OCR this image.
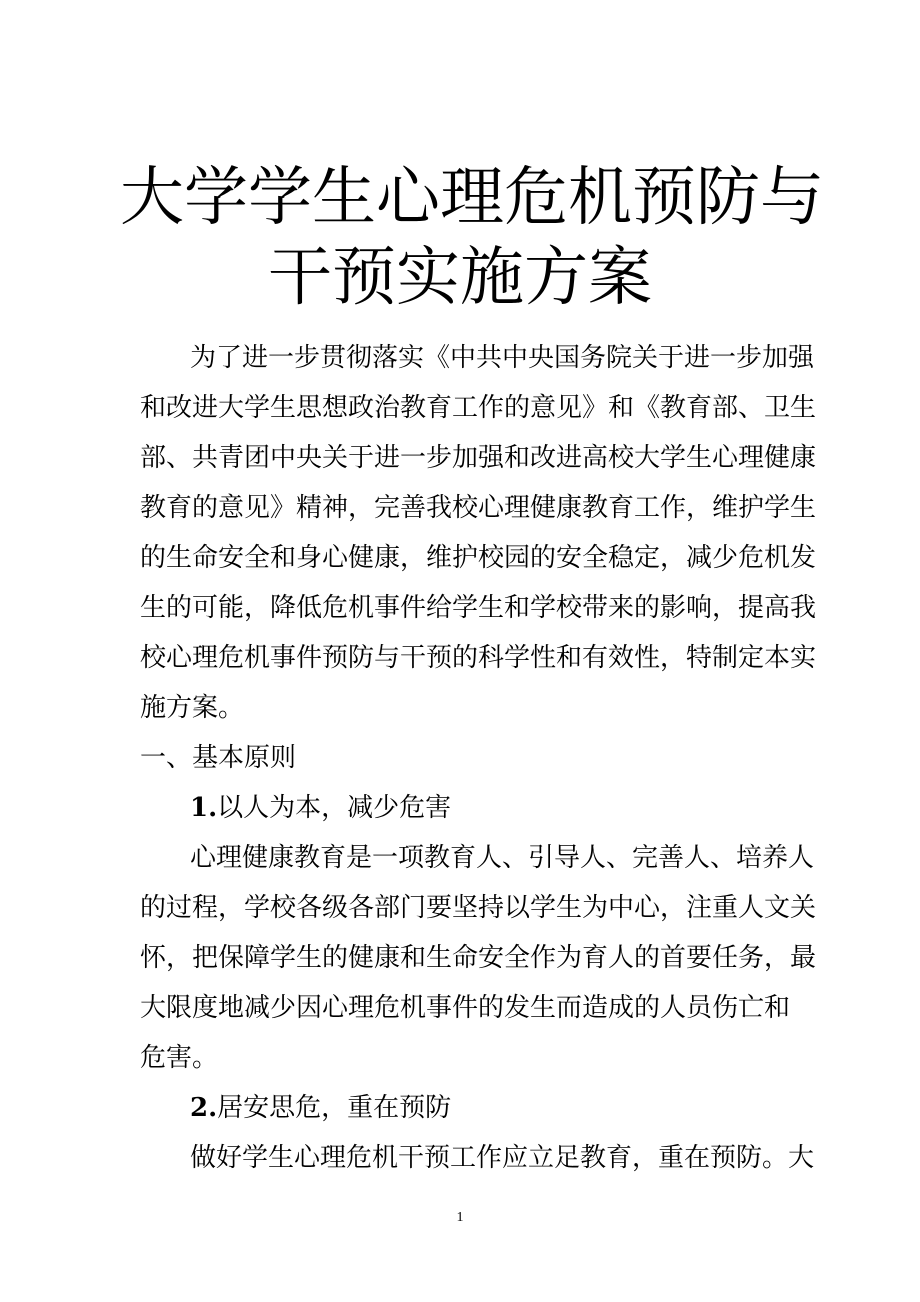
大学学生心理危机预防与
干预实施方案
为了进一步贯彻落实《中共中央国务院关于进一步加强
和改进大学生思想政治教育工作的意见》和《教育部、卫生
部、共青团中央关于进一步加强和改进高校大学生心理健康
教育的意见》精神，完善我校心理健康教育工作，维护学生
的生命安全和身心健康，维护校园的安全稳定，减少危机发
生的可能，降低危机事件给学生和学校带来的影响，提高我
校心理危机事件预防与干预的科学性和有效性，特制定本实
施方案。
一、基本原则
1.以人为本，减少危害
心理健康教育是一项教育人、引导人、完善人、培养人
的过程，学校各级各部门要坚持以学生为中心，注重人文关
怀，把保障学生的健康和生命安全作为育人的首要任务，最
大限度地减少因心理危机事件的发生而造成的人员伤亡和
危害。
2.居安思危，重在预防
做好学生心理危机干预工作应立足教育，重在预防。大
1
